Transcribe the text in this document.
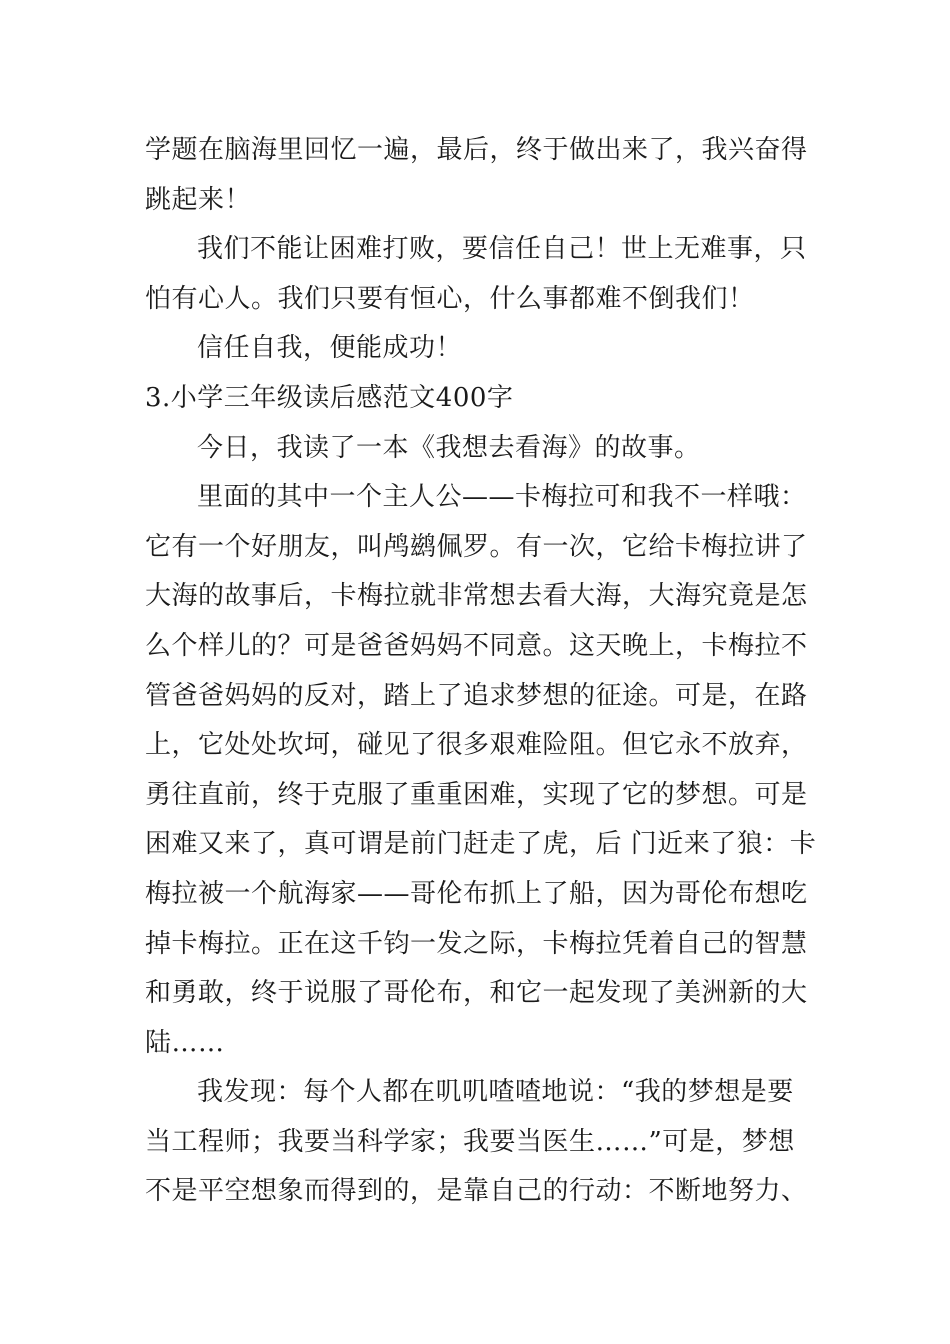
学题在脑海里回忆一遍，最后，终于做出来了，我兴奋得
跳起来！
我们不能让困难打败，要信任自己！世上无难事，只
怕有心人。我们只要有恒心，什么事都难不倒我们！
信任自我，便能成功！
3.小学三年级读后感范文400字
今日，我读了一本《我想去看海》的故事。
里面的其中一个主人公——卡梅拉可和我不一样哦：
它有一个好朋友，叫鸬鹚佩罗。有一次，它给卡梅拉讲了
大海的故事后，卡梅拉就非常想去看大海，大海究竟是怎
么个样儿的？可是爸爸妈妈不同意。这天晚上，卡梅拉不
管爸爸妈妈的反对，踏上了追求梦想的征途。可是，在路
上，它处处坎坷，碰见了很多艰难险阻。但它永不放弃，
勇往直前，终于克服了重重困难，实现了它的梦想。可是
困难又来了，真可谓是前门赶走了虎，后 门近来了狼：卡
梅拉被一个航海家——哥伦布抓上了船，因为哥伦布想吃
掉卡梅拉。正在这千钧一发之际，卡梅拉凭着自己的智慧
和勇敢，终于说服了哥伦布，和它一起发现了美洲新的大
陆……
我发现：每个人都在叽叽喳喳地说：“我的梦想是要
当工程师；我要当科学家；我要当医生……”可是，梦想
不是平空想象而得到的，是靠自己的行动：不断地努力、
